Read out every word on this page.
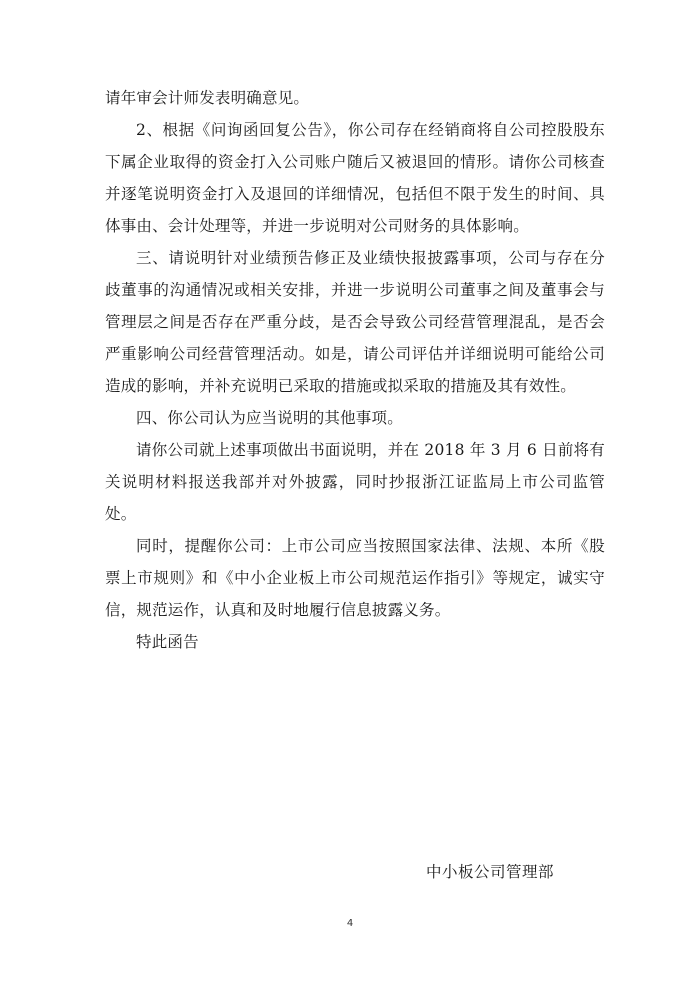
请年审会计师发表明确意见。

2、根据《问询函回复公告》，你公司存在经销商将自公司控股股东下属企业取得的资金打入公司账户随后又被退回的情形。请你公司核查并逐笔说明资金打入及退回的详细情况，包括但不限于发生的时间、具体事由、会计处理等，并进一步说明对公司财务的具体影响。

三、请说明针对业绩预告修正及业绩快报披露事项，公司与存在分歧董事的沟通情况或相关安排，并进一步说明公司董事之间及董事会与管理层之间是否存在严重分歧，是否会导致公司经营管理混乱，是否会严重影响公司经营管理活动。如是，请公司评估并详细说明可能给公司造成的影响，并补充说明已采取的措施或拟采取的措施及其有效性。

四、你公司认为应当说明的其他事项。

请你公司就上述事项做出书面说明，并在 2018 年 3 月 6 日前将有关说明材料报送我部并对外披露，同时抄报浙江证监局上市公司监管处。

同时，提醒你公司：上市公司应当按照国家法律、法规、本所《股票上市规则》和《中小企业板上市公司规范运作指引》等规定，诚实守信，规范运作，认真和及时地履行信息披露义务。

特此函告

中小板公司管理部
4
